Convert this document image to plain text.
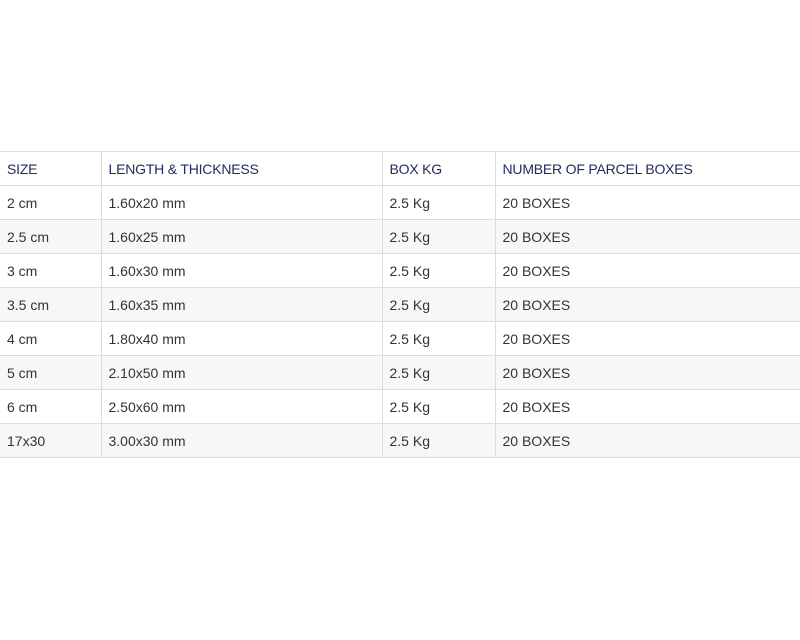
SIZE	LENGTH & THICKNESS	BOX KG	NUMBER OF PARCEL BOXES
2 cm	1.60x20 mm	2.5 Kg	20 BOXES
2.5 cm	1.60x25 mm	2.5 Kg	20 BOXES
3 cm	1.60x30 mm	2.5 Kg	20 BOXES
3.5 cm	1.60x35 mm	2.5 Kg	20 BOXES
4 cm	1.80x40 mm	2.5 Kg	20 BOXES
5 cm	2.10x50 mm	2.5 Kg	20 BOXES
6 cm	2.50x60 mm	2.5 Kg	20 BOXES
17x30	3.00x30 mm	2.5 Kg	20 BOXES
